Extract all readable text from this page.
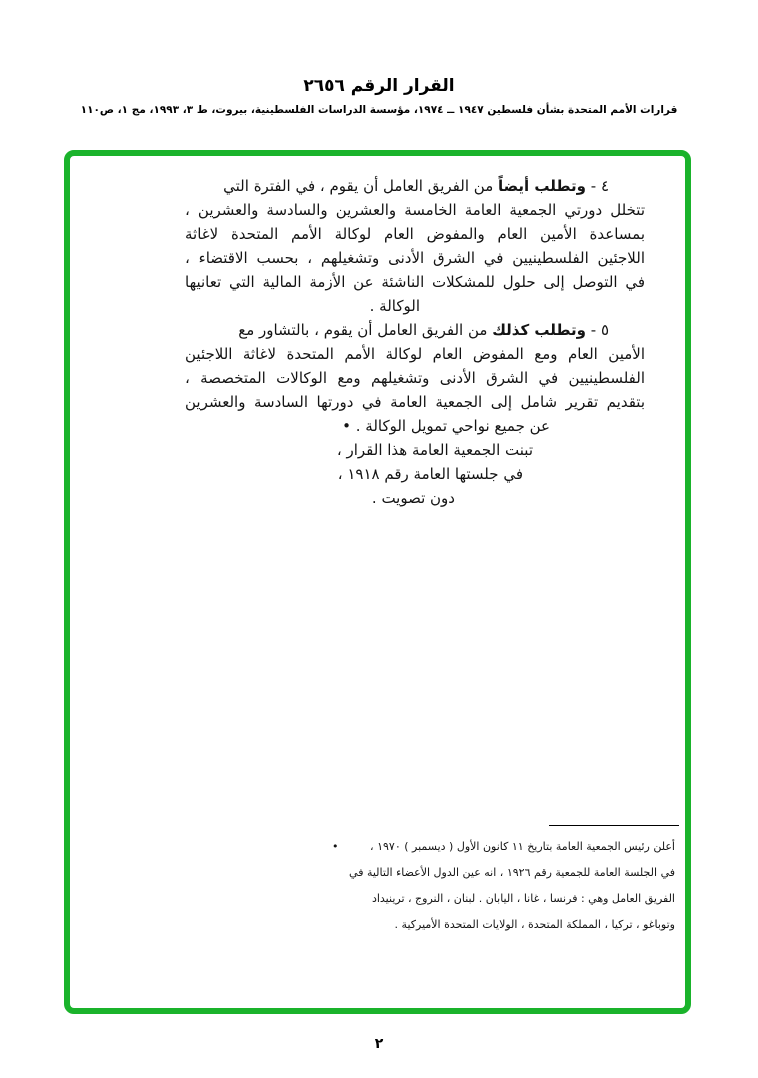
القرار الرقم ٢٦٥٦
قرارات الأمم المتحدة بشأن فلسطين ١٩٤٧ ــ ١٩٧٤، مؤسسة الدراسات الفلسطينية، بيروت، ط ٣، ١٩٩٣، مج ١، ص١١٠
٤ - وتطلب أيضاً من الفريق العامل أن يقوم ، في الفترة التي
تتخلل دورتي الجمعية العامة الخامسة والعشرين والسادسة والعشرين ،
بمساعدة الأمين العام والمفوض العام لوكالة الأمم المتحدة لاغاثة
اللاجئين الفلسطينيين في الشرق الأدنى وتشغيلهم ، بحسب الاقتضاء ،
في التوصل إلى حلول للمشكلات الناشئة عن الأزمة المالية التي تعانيها
الوكالة .
٥ - وتطلب كذلك من الفريق العامل أن يقوم ، بالتشاور مع
الأمين العام ومع المفوض العام لوكالة الأمم المتحدة لاغاثة اللاجئين
الفلسطينيين في الشرق الأدنى وتشغيلهم ومع الوكالات المتخصصة ،
بتقديم تقرير شامل إلى الجمعية العامة في دورتها السادسة والعشرين
عن جميع نواحي تمويل الوكالة . •
تبنت الجمعية العامة هذا القرار ،
في جلستها العامة رقم ١٩١٨ ،
دون تصويت .
•	أعلن رئيس الجمعية العامة بتاريخ ١١ كانون الأول ( ديسمبر ) ١٩٧٠ ،
في الجلسة العامة للجمعية رقم ١٩٢٦ ، انه عين الدول الأعضاء التالية في
الفريق العامل وهي : فرنسا ، غانا ، اليابان . لبنان ، النروج ، ترينيداد
وتوباغو ، تركيا ، المملكة المتحدة ، الولايات المتحدة الأميركية .
٢
